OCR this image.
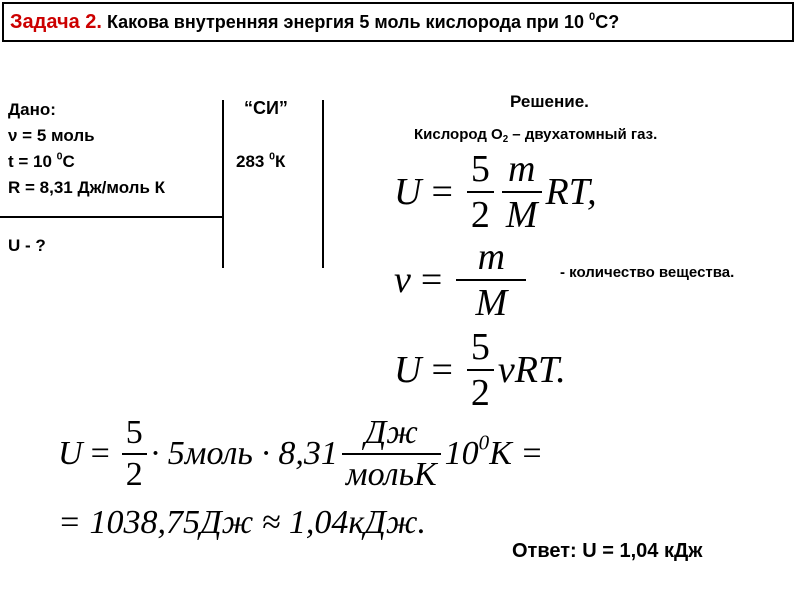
Задача 2. Какова внутренняя энергия 5 моль кислорода при 10 $^0$С?
Дано:
ν = 5 моль
t = 10 $^0$С
R = 8,31 Дж/моль К
U - ?
“СИ”
283 $^0$К
Решение.
Кислород $О_2$ – двухатомный газ.
$U = \frac{5}{2} \frac{m}{M}$ RT,
$\nu = \frac{m}{M}$ - количество вещества.
$U = \frac{5}{2} \nu RT$.
$U = \frac{5}{2}$ · 5моль · $8,31 \frac{Дж}{\text{мольК}} 10^0К$ =
= 1038,75Дж ≈ 1,04кДж.
Ответ: U = 1,04 кДж
